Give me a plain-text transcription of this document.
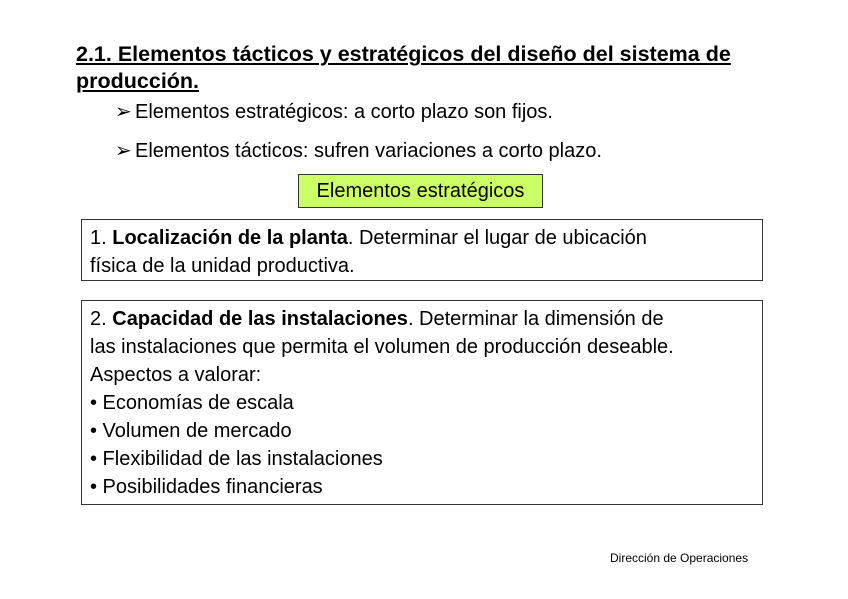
2.1. Elementos tácticos y estratégicos del diseño del sistema de
producción.
➢ Elementos estratégicos: a corto plazo son fijos.
➢ Elementos tácticos: sufren variaciones a corto plazo.
Elementos estratégicos
1. Localización de la planta. Determinar el lugar de ubicación
física de la unidad productiva.
2. Capacidad de las instalaciones. Determinar la dimensión de
las instalaciones que permita el volumen de producción deseable.
Aspectos a valorar:
• Economías de escala
• Volumen de mercado
• Flexibilidad de las instalaciones
• Posibilidades financieras
Dirección de Operaciones
